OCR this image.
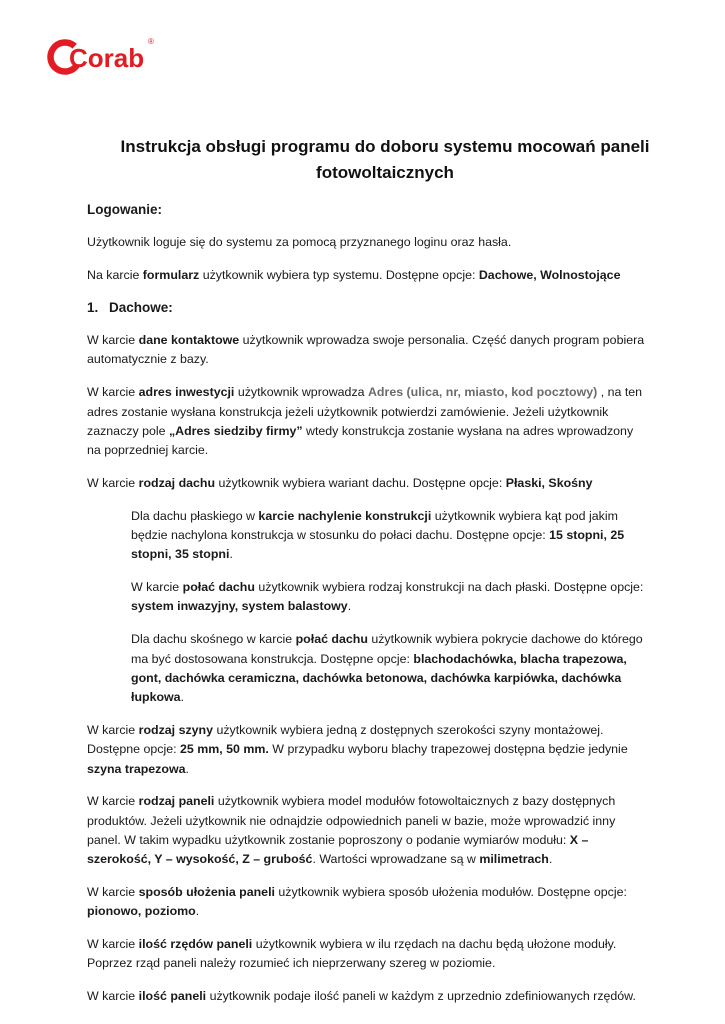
Corab
®
Instrukcja obsługi programu do doboru systemu mocowań paneli fotowoltaicznych

Logowanie:

Użytkownik loguje się do systemu za pomocą przyznanego loginu oraz hasła.

Na karcie formularz użytkownik wybiera typ systemu. Dostępne opcje: Dachowe, Wolnostojące

1. Dachowe:

W karcie dane kontaktowe użytkownik wprowadza swoje personalia. Część danych program pobiera automatycznie z bazy.

W karcie adres inwestycji użytkownik wprowadza Adres (ulica, nr, miasto, kod pocztowy) , na ten adres zostanie wysłana konstrukcja jeżeli użytkownik potwierdzi zamówienie. Jeżeli użytkownik zaznaczy pole „Adres siedziby firmy” wtedy konstrukcja zostanie wysłana na adres wprowadzony na poprzedniej karcie.

W karcie rodzaj dachu użytkownik wybiera wariant dachu. Dostępne opcje: Płaski, Skośny

Dla dachu płaskiego w karcie nachylenie konstrukcji użytkownik wybiera kąt pod jakim będzie nachylona konstrukcja w stosunku do połaci dachu. Dostępne opcje: 15 stopni, 25 stopni, 35 stopni.

W karcie połać dachu użytkownik wybiera rodzaj konstrukcji na dach płaski. Dostępne opcje: system inwazyjny, system balastowy.

Dla dachu skośnego w karcie połać dachu użytkownik wybiera pokrycie dachowe do którego ma być dostosowana konstrukcja. Dostępne opcje: blachodachówka, blacha trapezowa, gont, dachówka ceramiczna, dachówka betonowa, dachówka karpiówka, dachówka łupkowa.

W karcie rodzaj szyny użytkownik wybiera jedną z dostępnych szerokości szyny montażowej. Dostępne opcje: 25 mm, 50 mm. W przypadku wyboru blachy trapezowej dostępna będzie jedynie szyna trapezowa.

W karcie rodzaj paneli użytkownik wybiera model modułów fotowoltaicznych z bazy dostępnych produktów. Jeżeli użytkownik nie odnajdzie odpowiednich paneli w bazie, może wprowadzić inny panel. W takim wypadku użytkownik zostanie poproszony o podanie wymiarów modułu: X – szerokość, Y – wysokość, Z – grubość. Wartości wprowadzane są w milimetrach.

W karcie sposób ułożenia paneli użytkownik wybiera sposób ułożenia modułów. Dostępne opcje: pionowo, poziomo.

W karcie ilość rzędów paneli użytkownik wybiera w ilu rzędach na dachu będą ułożone moduły. Poprzez rząd paneli należy rozumieć ich nieprzerwany szereg w poziomie.

W karcie ilość paneli użytkownik podaje ilość paneli w każdym z uprzednio zdefiniowanych rzędów.
